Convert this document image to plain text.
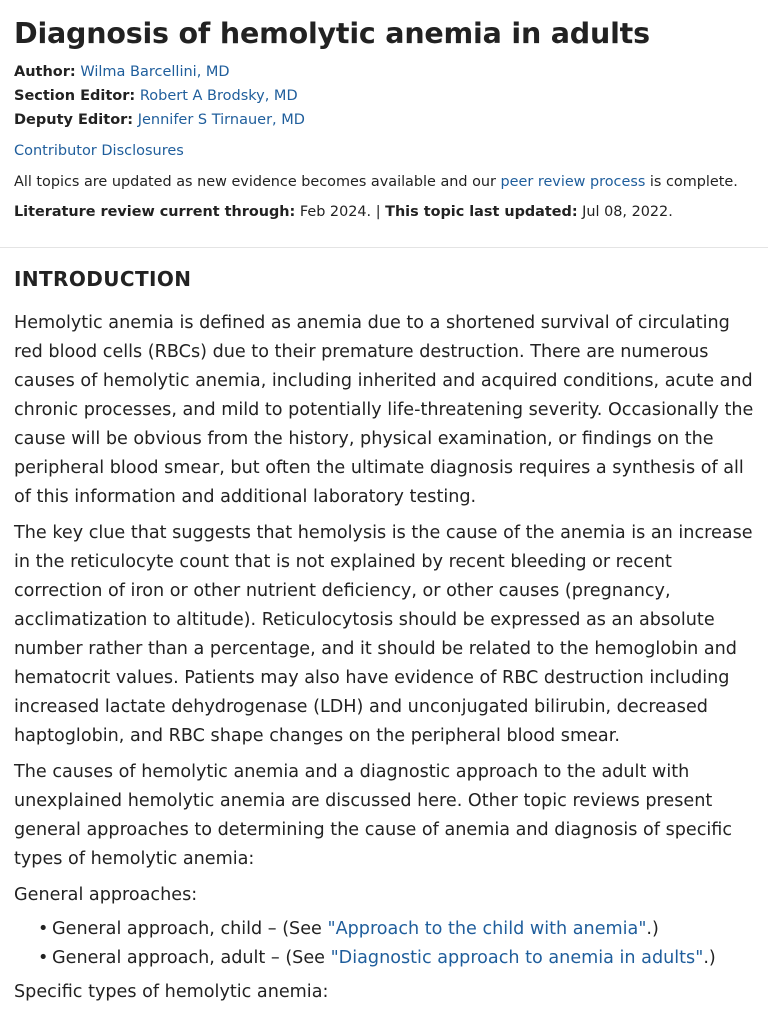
Diagnosis of hemolytic anemia in adults
Author: Wilma Barcellini, MD
Section Editor: Robert A Brodsky, MD
Deputy Editor: Jennifer S Tirnauer, MD
Contributor Disclosures
All topics are updated as new evidence becomes available and our peer review process is complete.
Literature review current through: Feb 2024. | This topic last updated: Jul 08, 2022.
INTRODUCTION

Hemolytic anemia is defined as anemia due to a shortened survival of circulating red blood cells (RBCs) due to their premature destruction. There are numerous causes of hemolytic anemia, including inherited and acquired conditions, acute and chronic processes, and mild to potentially life-threatening severity. Occasionally the cause will be obvious from the history, physical examination, or findings on the peripheral blood smear, but often the ultimate diagnosis requires a synthesis of all of this information and additional laboratory testing.

The key clue that suggests that hemolysis is the cause of the anemia is an increase in the reticulocyte count that is not explained by recent bleeding or recent correction of iron or other nutrient deficiency, or other causes (pregnancy, acclimatization to altitude). Reticulocytosis should be expressed as an absolute number rather than a percentage, and it should be related to the hemoglobin and hematocrit values. Patients may also have evidence of RBC destruction including increased lactate dehydrogenase (LDH) and unconjugated bilirubin, decreased haptoglobin, and RBC shape changes on the peripheral blood smear.

The causes of hemolytic anemia and a diagnostic approach to the adult with unexplained hemolytic anemia are discussed here. Other topic reviews present general approaches to determining the cause of anemia and diagnosis of specific types of hemolytic anemia:

General approaches:

• General approach, child – (See "Approach to the child with anemia".)
• General approach, adult – (See "Diagnostic approach to anemia in adults".)

Specific types of hemolytic anemia:
